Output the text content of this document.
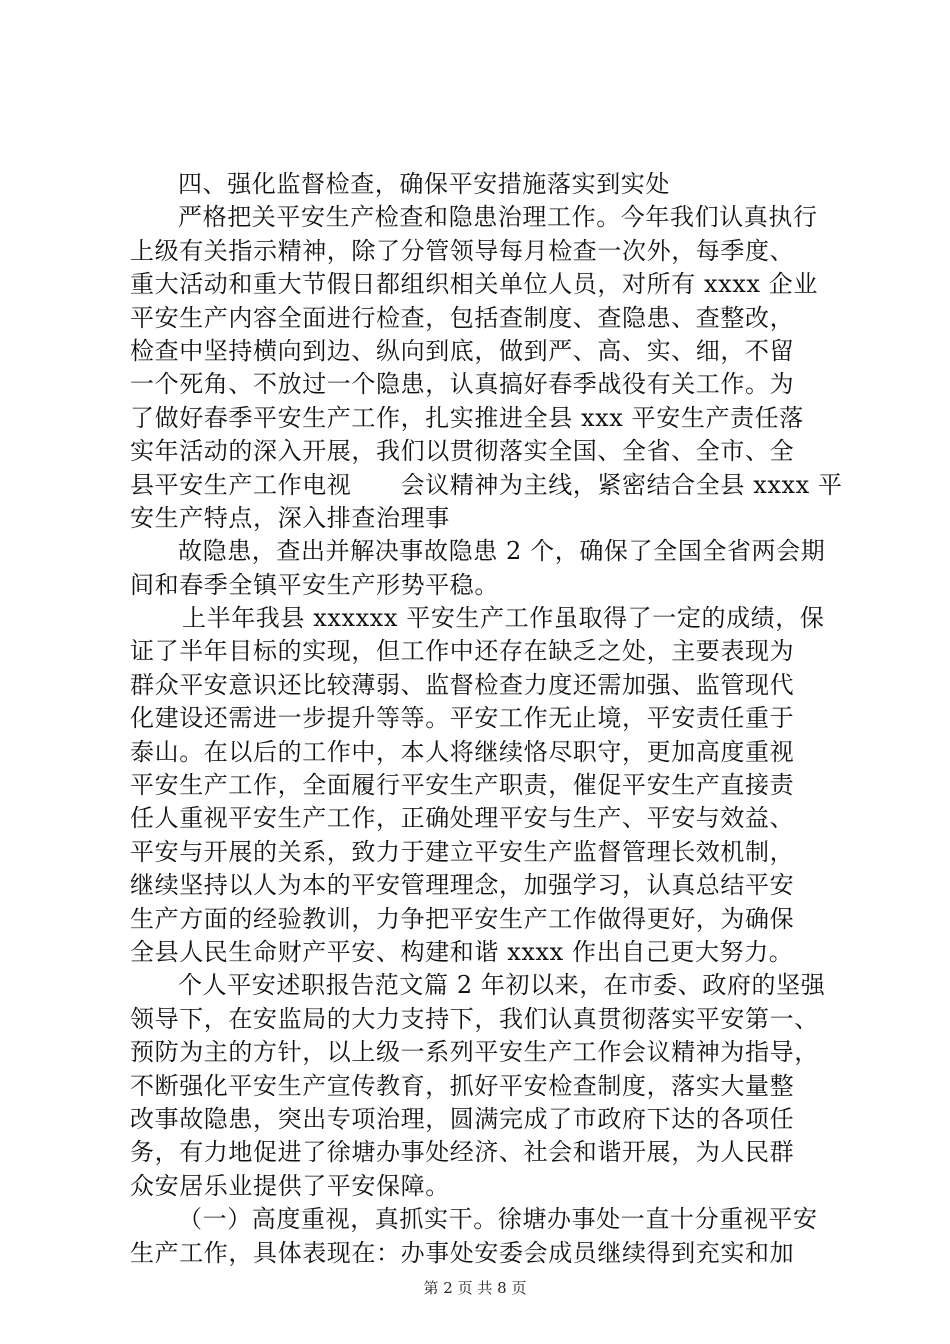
四、强化监督检查，确保平安措施落实到实处
严格把关平安生产检查和隐患治理工作。今年我们认真执行
上级有关指示精神，除了分管领导每月检查一次外，每季度、
重大活动和重大节假日都组织相关单位人员，对所有 xxxx 企业
平安生产内容全面进行检查，包括查制度、查隐患、查整改，
检查中坚持横向到边、纵向到底，做到严、高、实、细，不留
一个死角、不放过一个隐患，认真搞好春季战役有关工作。为
了做好春季平安生产工作，扎实推进全县 xxx 平安生产责任落
实年活动的深入开展，我们以贯彻落实全国、全省、全市、全
县平安生产工作电视　　会议精神为主线，紧密结合全县 xxxx 平
安生产特点，深入排查治理事
故隐患，查出并解决事故隐患 2 个，确保了全国全省两会期
间和春季全镇平安生产形势平稳。
上半年我县 xxxxxx 平安生产工作虽取得了一定的成绩，保
证了半年目标的实现，但工作中还存在缺乏之处，主要表现为
群众平安意识还比较薄弱、监督检查力度还需加强、监管现代
化建设还需进一步提升等等。平安工作无止境，平安责任重于
泰山。在以后的工作中，本人将继续恪尽职守，更加高度重视
平安生产工作，全面履行平安生产职责，催促平安生产直接责
任人重视平安生产工作，正确处理平安与生产、平安与效益、
平安与开展的关系，致力于建立平安生产监督管理长效机制，
继续坚持以人为本的平安管理理念，加强学习，认真总结平安
生产方面的经验教训，力争把平安生产工作做得更好，为确保
全县人民生命财产平安、构建和谐 xxxx 作出自己更大努力。
个人平安述职报告范文篇 2 年初以来，在市委、政府的坚强
领导下，在安监局的大力支持下，我们认真贯彻落实平安第一、
预防为主的方针，以上级一系列平安生产工作会议精神为指导，
不断强化平安生产宣传教育，抓好平安检查制度，落实大量整
改事故隐患，突出专项治理，圆满完成了市政府下达的各项任
务，有力地促进了徐塘办事处经济、社会和谐开展，为人民群
众安居乐业提供了平安保障。
（一）高度重视，真抓实干。徐塘办事处一直十分重视平安
生产工作，具体表现在：办事处安委会成员继续得到充实和加
第 2 页 共 8 页
